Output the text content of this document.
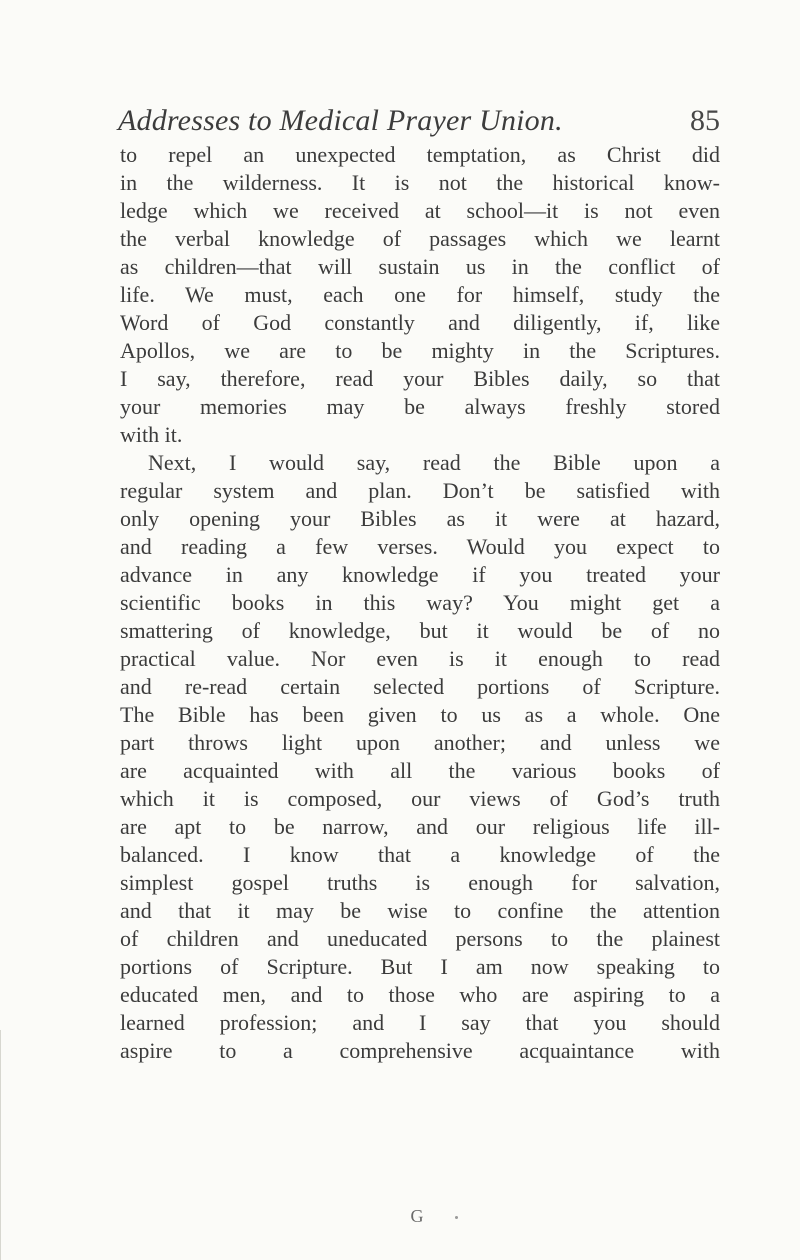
Addresses to Medical Prayer Union.	85
to repel an unexpected temptation, as Christ did
in the wilderness. It is not the historical know-
ledge which we received at school—it is not even
the verbal knowledge of passages which we learnt
as children—that will sustain us in the conflict of
life. We must, each one for himself, study the
Word of God constantly and diligently, if, like
Apollos, we are to be mighty in the Scriptures.
I say, therefore, read your Bibles daily, so that
your memories may be always freshly stored
with it.
Next, I would say, read the Bible upon a
regular system and plan. Don’t be satisfied with
only opening your Bibles as it were at hazard,
and reading a few verses. Would you expect to
advance in any knowledge if you treated your
scientific books in this way? You might get a
smattering of knowledge, but it would be of no
practical value. Nor even is it enough to read
and re-read certain selected portions of Scripture.
The Bible has been given to us as a whole. One
part throws light upon another; and unless we
are acquainted with all the various books of
which it is composed, our views of God’s truth
are apt to be narrow, and our religious life ill-
balanced. I know that a knowledge of the
simplest gospel truths is enough for salvation,
and that it may be wise to confine the attention
of children and uneducated persons to the plainest
portions of Scripture. But I am now speaking to
educated men, and to those who are aspiring to a
learned profession; and I say that you should
aspire to a comprehensive acquaintance with
G
